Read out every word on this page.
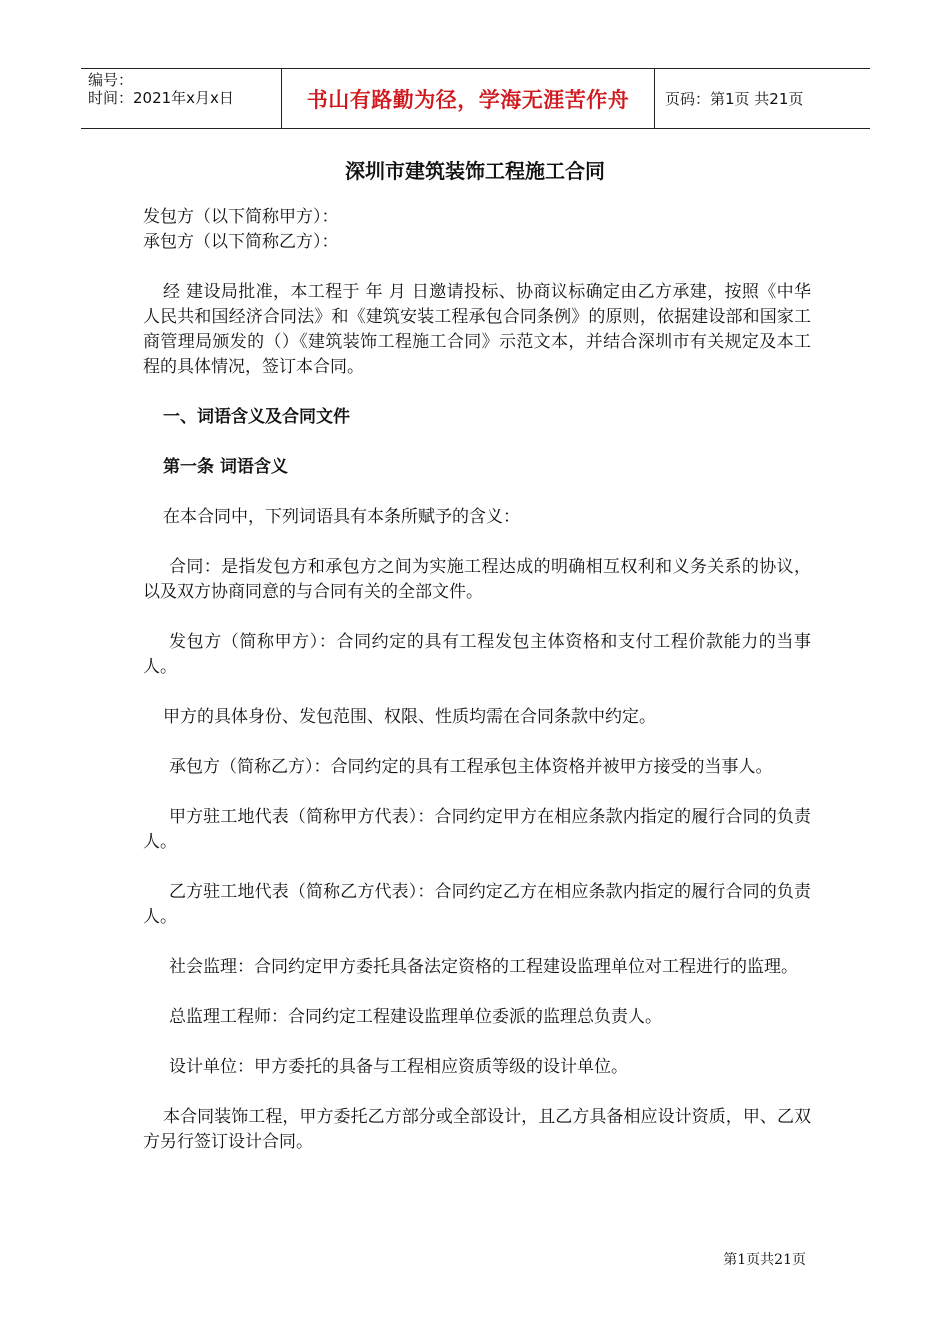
编号：
时间：2021年x月x日	书山有路勤为径，学海无涯苦作舟	页码：第1页 共21页
深圳市建筑装饰工程施工合同

发包方（以下简称甲方）：

承包方（以下简称乙方）：

经 建设局批准，本工程于 年 月 日邀请投标、协商议标确定由乙方承建，按照《中华人民共和国经济合同法》和《建筑安装工程承包合同条例》的原则，依据建设部和国家工商管理局颁发的（）《建筑装饰工程施工合同》示范文本，并结合深圳市有关规定及本工程的具体情况，签订本合同。

一、词语含义及合同文件

第一条 词语含义

在本合同中，下列词语具有本条所赋予的含义：

合同：是指发包方和承包方之间为实施工程达成的明确相互权利和义务关系的协议，以及双方协商同意的与合同有关的全部文件。

发包方（简称甲方）：合同约定的具有工程发包主体资格和支付工程价款能力的当事人。

甲方的具体身份、发包范围、权限、性质均需在合同条款中约定。

承包方（简称乙方）：合同约定的具有工程承包主体资格并被甲方接受的当事人。

甲方驻工地代表（简称甲方代表）：合同约定甲方在相应条款内指定的履行合同的负责人。

乙方驻工地代表（简称乙方代表）：合同约定乙方在相应条款内指定的履行合同的负责人。

社会监理：合同约定甲方委托具备法定资格的工程建设监理单位对工程进行的监理。

总监理工程师：合同约定工程建设监理单位委派的监理总负责人。

设计单位：甲方委托的具备与工程相应资质等级的设计单位。

本合同装饰工程，甲方委托乙方部分或全部设计，且乙方具备相应设计资质，甲、乙双方另行签订设计合同。

第1页共21页
